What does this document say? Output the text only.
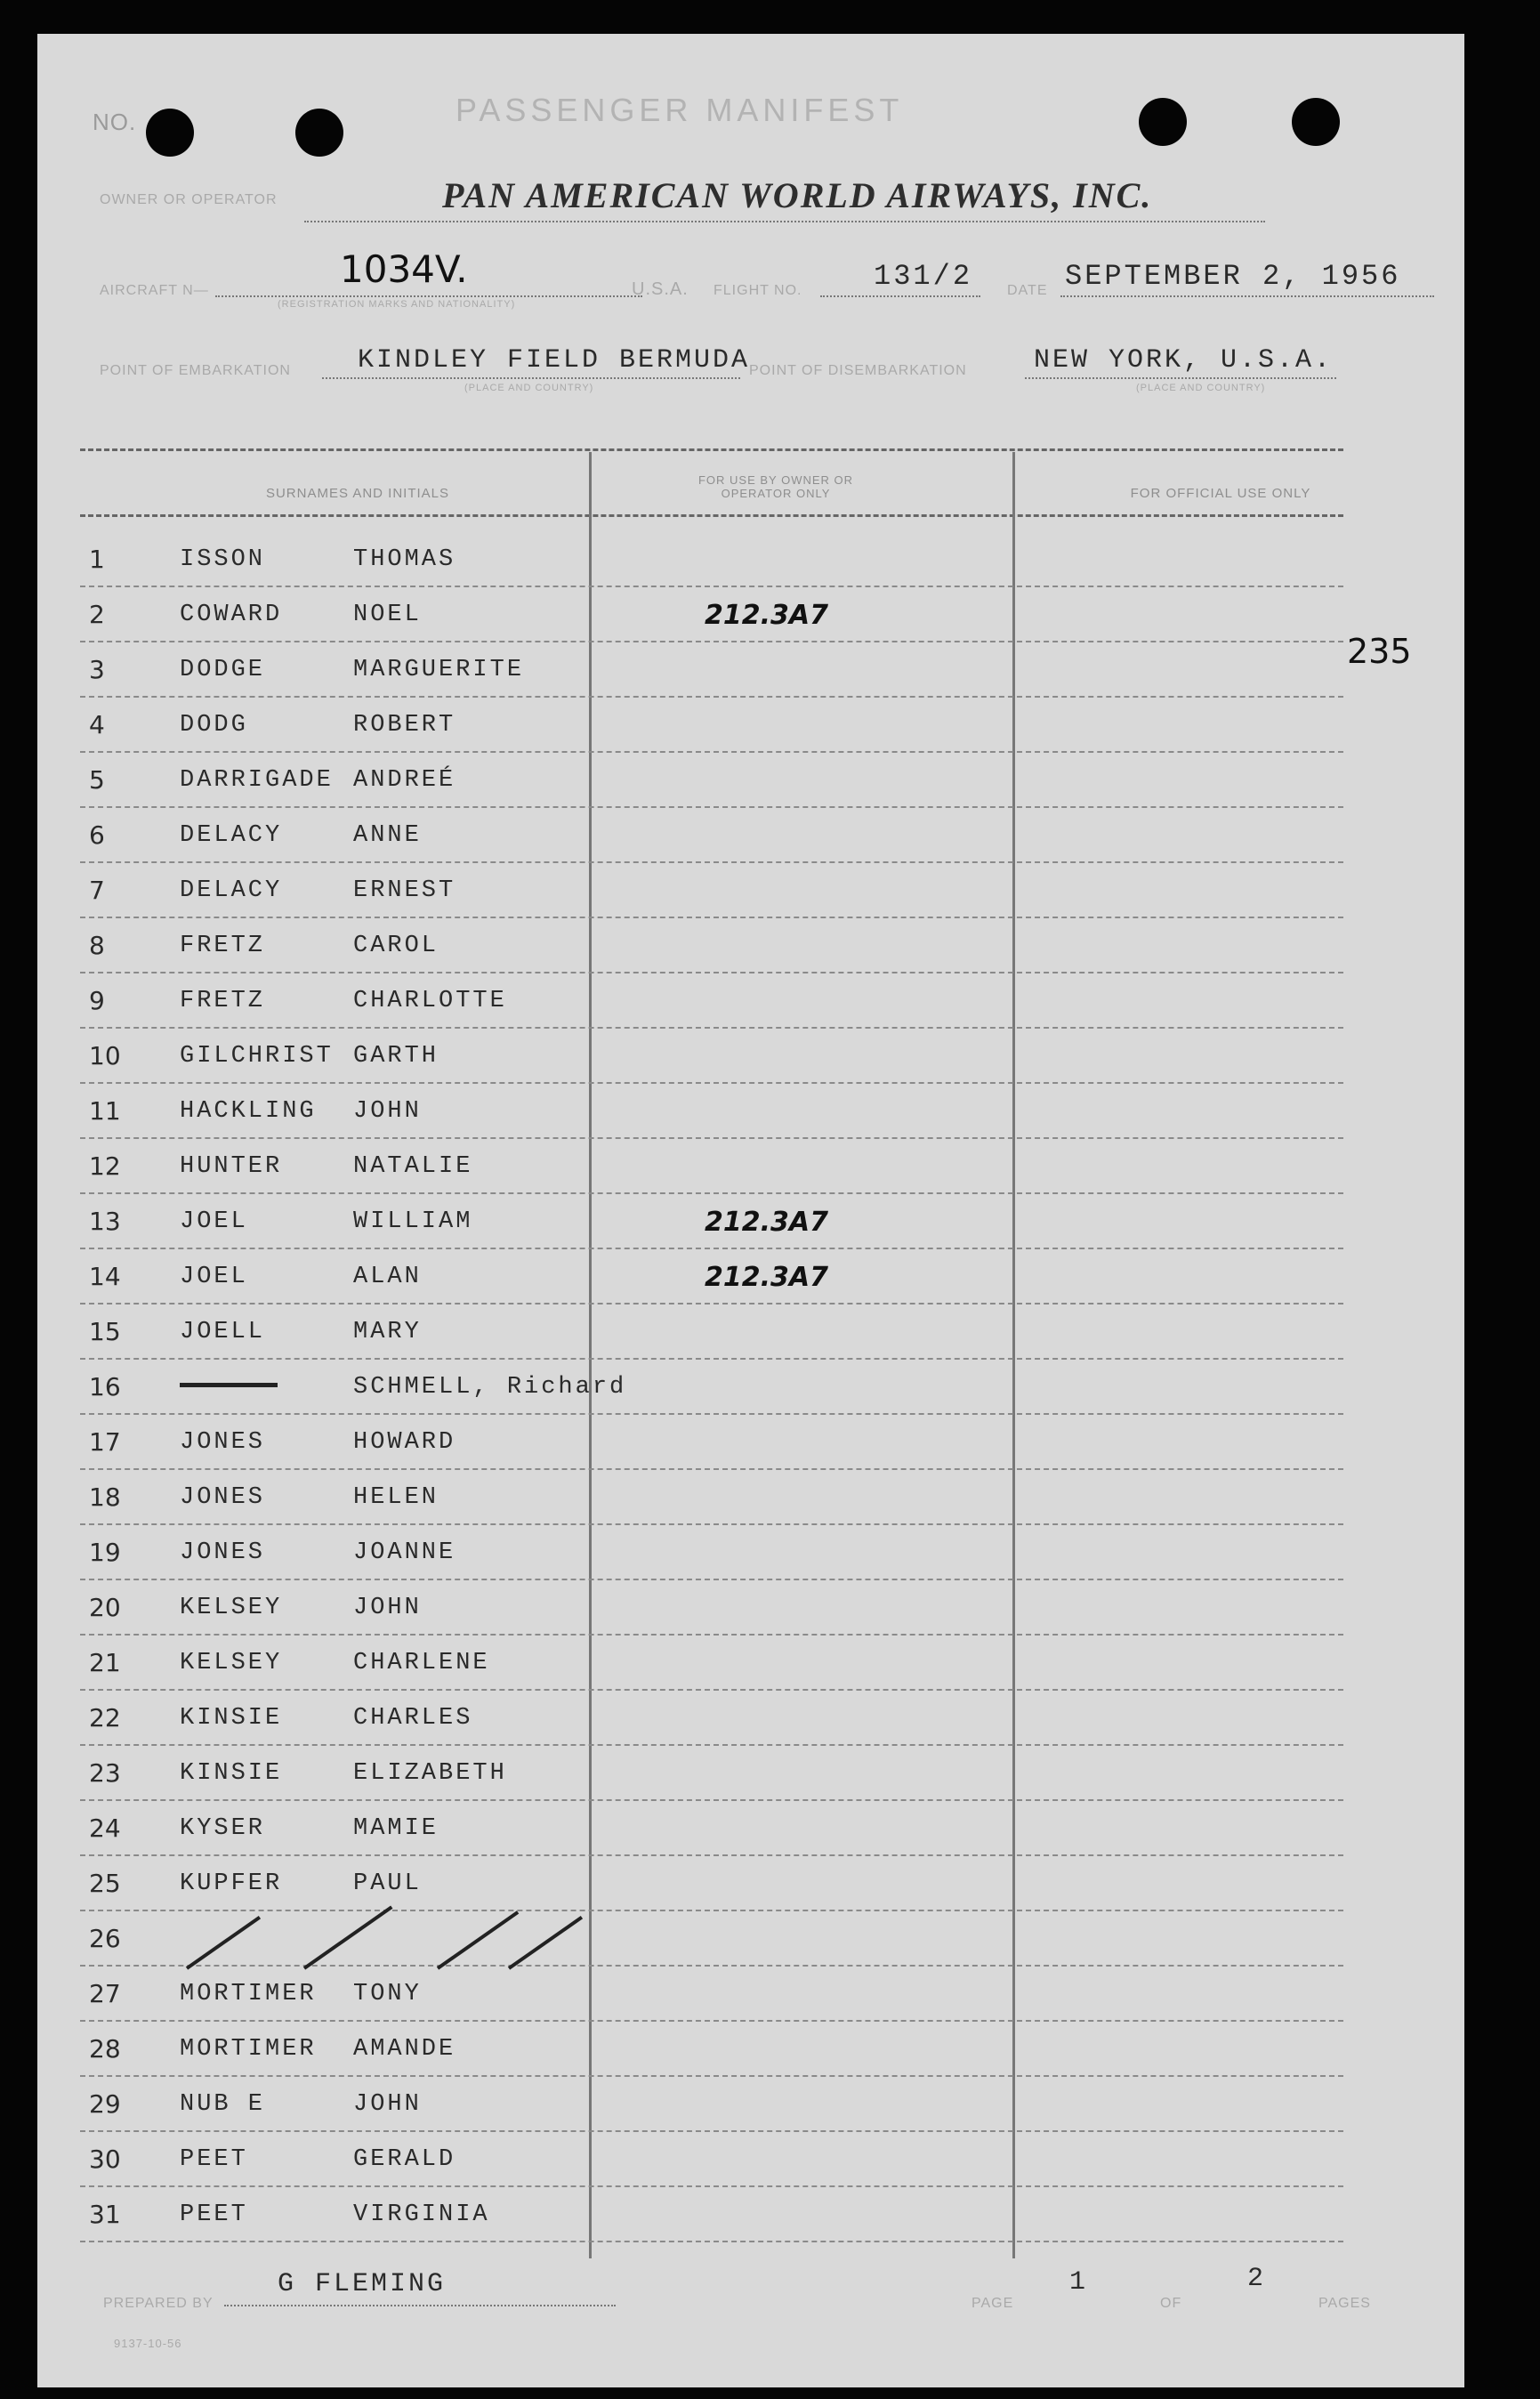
NO.	PASSENGER MANIFEST
OWNER OR OPERATOR	PAN AMERICAN WORLD AIRWAYS, INC.
AIRCRAFT N—	1034V.
(REGISTRATION MARKS AND NATIONALITY)
U.S.A. FLIGHT NO.	131/2 DATE SEPTEMBER 2, 1956
POINT OF EMBARKATION	KINDLEY FIELD BERMUDA
(PLACE AND COUNTRY)
POINT OF DISEMBARKATION	NEW YORK, U.S.A.
(PLACE AND COUNTRY)
SURNAMES AND INITIALS
FOR USE BY OWNER OR OPERATOR ONLY	FOR OFFICIAL USE ONLY
235
1	ISSON	THOMAS
2	COWARD	NOEL	212.3A7
3	DODGE	MARGUERITE
4	DODG	ROBERT
5	DARRIGADE ANDREÉ
6	DELACY	ANNE
7	DELACY	ERNEST
8	FRETZ	CAROL
9	FRETZ	CHARLOTTE
10 GILCHRIST GARTH
11 HACKLING JOHN
12 HUNTER	NATALIE
13 JOEL	WILLIAM	212.3A7
14 JOEL	ALAN	212.3A7
15 JOELL	MARY
16	SCHMELL, Richard
17 JONES	HOWARD
18 JONES	HELEN
19 JONES	JOANNE
20 KELSEY	JOHN
21 KELSEY	CHARLENE
22 KINSIE	CHARLES
23 KINSIE	ELIZABETH
24 KYSER	MAMIE
25 KUPFER	PAUL
26
27 MORTIMER TONY
28 MORTIMER AMANDE
29 NUB E	JOHN
30 PEET	GERALD
31 PEET	VIRGINIA
PREPARED BY
G FLEMING
PAGE
1
OF
2
PAGES
9137-10-56
